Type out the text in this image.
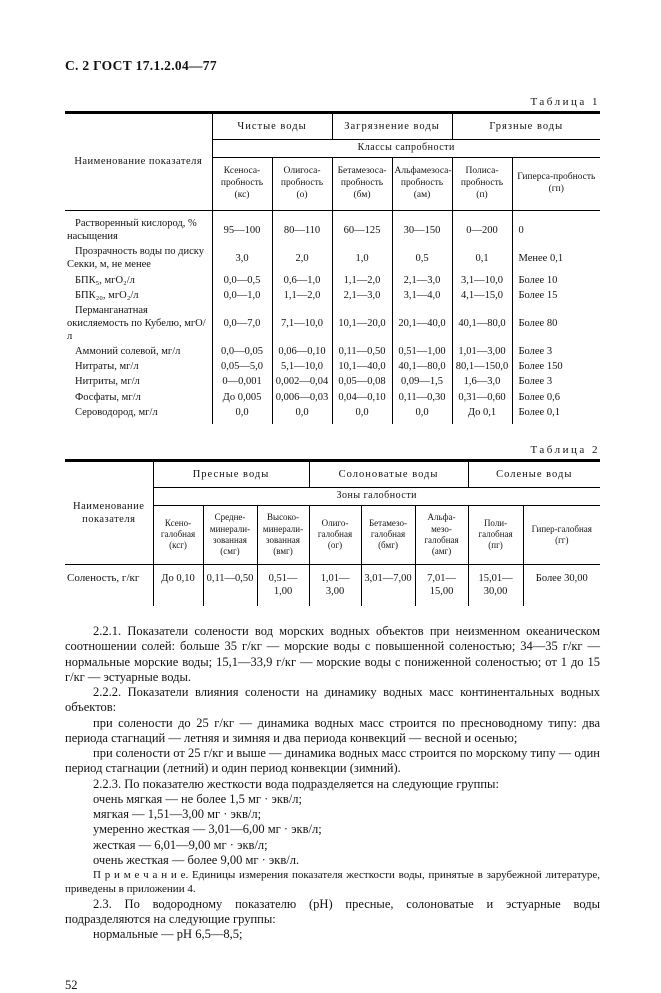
С. 2 ГОСТ 17.1.2.04—77
Таблица 1
Наименование показателя	Чистые воды		Загрязнение воды		Грязные воды	
	Классы сапробности					
	Ксеноса-пробность (кс)	Олигоса-пробность (о)	Бетамезоса-пробность (бм)	Альфамезоса-пробность (ам)	Полиса-пробность (п)	Гиперса-пробность (гп)
Растворенный кислород, % насыщения	95—100	80—110	60—125	30—150	0—200	0
Прозрачность воды по диску Секки, м, не менее	3,0	2,0	1,0	0,5	0,1	Менее 0,1
БПК₅, мгО₂/л	0,0—0,5	0,6—1,0	1,1—2,0	2,1—3,0	3,1—10,0	Более 10
БПК₂₀, мгО₂/л	0,0—1,0	1,1—2,0	2,1—3,0	3,1—4,0	4,1—15,0	Более 15
Перманганатная окисляемость по Кубелю, мгО/л	0,0—7,0	7,1—10,0	10,1—20,0	20,1—40,0	40,1—80,0	Более 80
Аммоний солевой, мг/л	0,0—0,05	0,06—0,10	0,11—0,50	0,51—1,00	1,01—3,00	Более 3
Нитраты, мг/л	0,05—5,0	5,1—10,0	10,1—40,0	40,1—80,0	80,1—150,0	Более 150
Нитриты, мг/л	0—0,001	0,002—0,04	0,05—0,08	0,09—1,5	1,6—3,0	Более 3
Фосфаты, мг/л	До 0,005	0,006—0,03	0,04—0,10	0,11—0,30	0,31—0,60	Более 0,6
Сероводород, мг/л	0,0	0,0	0,0	0,0	До 0,1	Более 0,1
Таблица 2
Наименование показателя	Пресные воды			Солоноватые воды			Соленые воды	
	Зоны галобности							
	Ксено-галобная (ксг)	Средне-минерали-зованная (смг)	Высоко-минерали-зованная (вмг)	Олиго-галобная (ог)	Бетамезо-галобная (бмг)	Альфа-мезо-галобная (амг)	Поли-галобная (пг)	Гипер-галобная (гг)
Соленость, г/кг	До 0,10	0,11—0,50	0,51—1,00	1,01—3,00	3,01—7,00	7,01—15,00	15,01—30,00	Более 30,00

2.2.1. Показатели солености вод морских водных объектов при неизменном океаническом соотношении солей: больше 35 г/кг — морские воды с повышенной соленостью; 34—35 г/кг — нормальные морские воды; 15,1—33,9 г/кг — морские воды с пониженной соленостью; от 1 до 15 г/кг — эстуарные воды.

2.2.2. Показатели влияния солености на динамику водных масс континентальных водных объектов:

при солености до 25 г/кг — динамика водных масс строится по пресноводному типу: два периода стагнаций — летняя и зимняя и два периода конвекций — весной и осенью;

при солености от 25 г/кг и выше — динамика водных масс строится по морскому типу — один период стагнации (летний) и один период конвекции (зимний).

2.2.3. По показателю жесткости вода подразделяется на следующие группы:

очень мягкая — не более 1,5 мг · экв/л;

мягкая — 1,51—3,00 мг · экв/л;

умеренно жесткая — 3,01—6,00 мг · экв/л;

жесткая — 6,01—9,00 мг · экв/л;

очень жесткая — более 9,00 мг · экв/л.

П р и м е ч а н и е. Единицы измерения показателя жесткости воды, принятые в зарубежной литературе, приведены в приложении 4.

2.3. По водородному показателю (pH) пресные, солоноватые и эстуарные воды подразделяются на следующие группы:

нормальные — pH 6,5—8,5;

52
